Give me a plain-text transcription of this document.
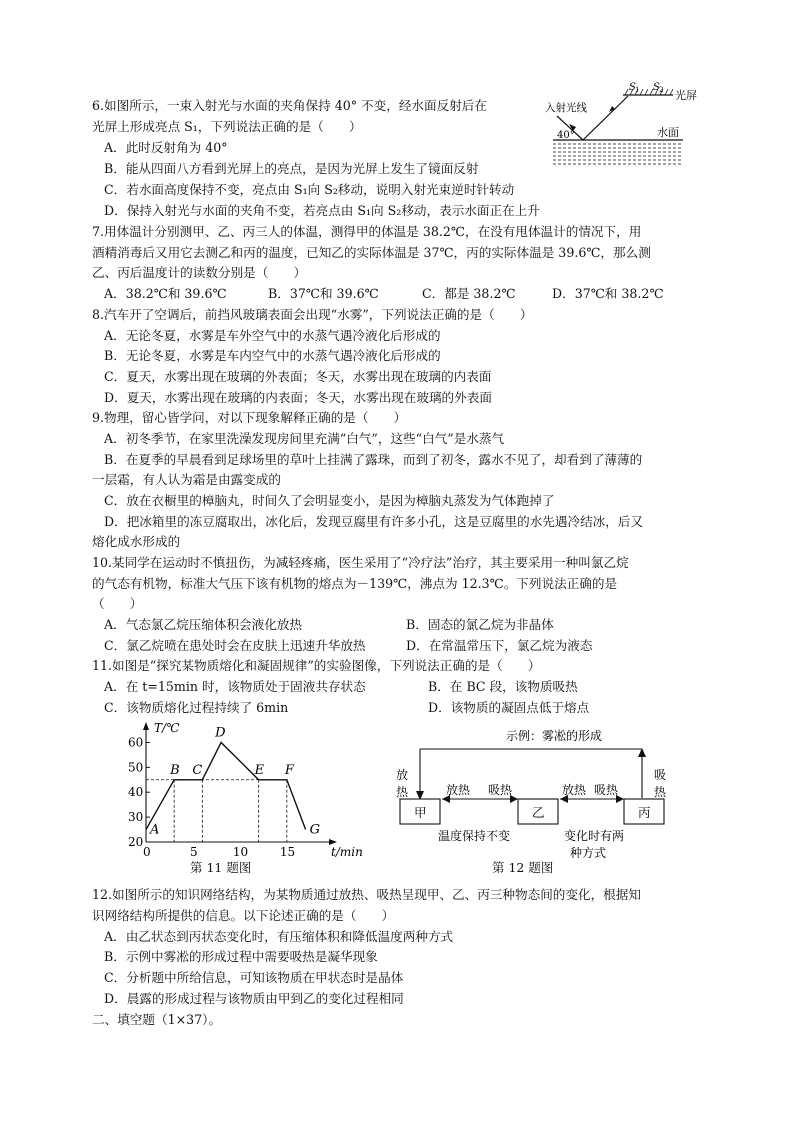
6.如图所示，一束入射光与水面的夹角保持 40° 不变，经水面反射后在
光屏上形成亮点 S₁，下列说法正确的是（　　）
A．此时反射角为 40°
B．能从四面八方看到光屏上的亮点，是因为光屏上发生了镜面反射
C．若水面高度保持不变，亮点由 S₁向 S₂移动，说明入射光束逆时针转动
D．保持入射光与水面的夹角不变，若亮点由 S₁向 S₂移动，表示水面正在上升
S 1 S 2 光屏
入射光线
40°	水面
7.用体温计分别测甲、乙、丙三人的体温，测得甲的体温是 38.2℃，在没有甩体温计的情况下，用
酒精消毒后又用它去测乙和丙的温度，已知乙的实际体温是 37℃，丙的实际体温是 39.6℃，那么测
乙、丙后温度计的读数分别是（　　）
A．38.2℃和 39.6℃	B．37℃和 39.6℃	C．都是 38.2℃	D．37℃和 38.2℃
8.汽车开了空调后，前挡风玻璃表面会出现“水雾”，下列说法正确的是（　　）
A．无论冬夏，水雾是车外空气中的水蒸气遇冷液化后形成的
B．无论冬夏，水雾是车内空气中的水蒸气遇冷液化后形成的
C．夏天，水雾出现在玻璃的外表面；冬天，水雾出现在玻璃的内表面
D．夏天，水雾出现在玻璃的内表面；冬天，水雾出现在玻璃的外表面
9.物理，留心皆学问，对以下现象解释正确的是（　　）
A．初冬季节，在家里洗澡发现房间里充满“白气”，这些“白气”是水蒸气
B．在夏季的早晨看到足球场里的草叶上挂满了露珠，而到了初冬，露水不见了，却看到了薄薄的
一层霜，有人认为霜是由露变成的
C．放在衣橱里的樟脑丸，时间久了会明显变小，是因为樟脑丸蒸发为气体跑掉了
D．把冰箱里的冻豆腐取出，冰化后，发现豆腐里有许多小孔，这是豆腐里的水先遇冷结冰，后又
熔化成水形成的
10.某同学在运动时不慎扭伤，为减轻疼痛，医生采用了“冷疗法”治疗，其主要采用一种叫氯乙烷
的气态有机物，标准大气压下该有机物的熔点为－139℃，沸点为 12.3℃。下列说法正确的是
（　　）
A．气态氯乙烷压缩体积会液化放热	B．固态的氯乙烷为非晶体
C．氯乙烷喷在患处时会在皮肤上迅速升华放热	D．在常温常压下，氯乙烷为液态
11.如图是“探究某物质熔化和凝固规律”的实验图像，下列说法正确的是（　　）
A．在 t=15min 时，该物质处于固液共存状态	B．在 BC 段，该物质吸热
C．该物质熔化过程持续了 6min	D．该物质的凝固点低于熔点
T/℃
t/min
20
30
40
50
60
0	5	10	15
A
B C
D
E F
G
第 11 题图
示例：雾凇的形成
放
热
吸
热
甲	乙	丙
放热 吸热	放热 吸热
温度保持不变	变化时有两
种方式
第 12 题图
12.如图所示的知识网络结构，为某物质通过放热、吸热呈现甲、乙、丙三种物态间的变化，根据知
识网络结构所提供的信息。以下论述正确的是（　　）
A．由乙状态到丙状态变化时，有压缩体积和降低温度两种方式
B．示例中雾凇的形成过程中需要吸热是凝华现象
C．分析题中所给信息，可知该物质在甲状态时是晶体
D．晨露的形成过程与该物质由甲到乙的变化过程相同
二、填空题（1×37）。
